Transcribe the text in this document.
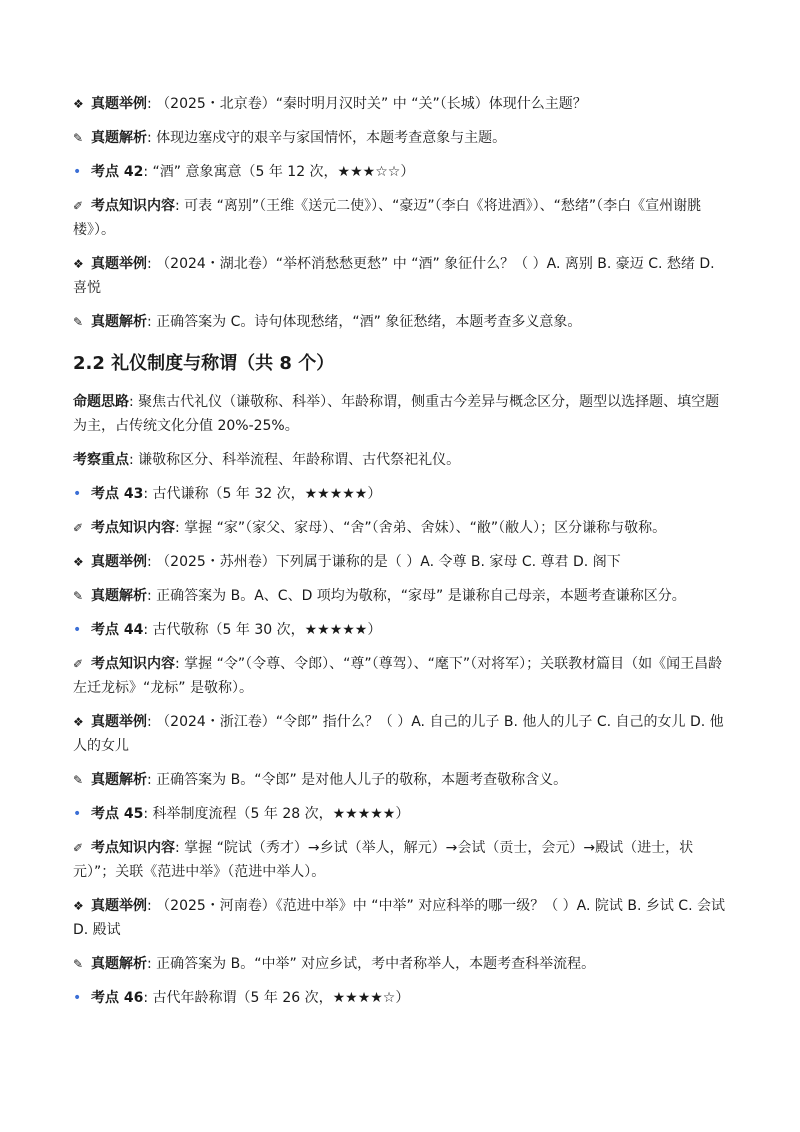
❖ 真题举例: （2025・北京卷）“秦时明月汉时关” 中 “关”（长城）体现什么主题？

✎ 真题解析: 体现边塞戍守的艰辛与家国情怀，本题考查意象与主题。

• 考点 42: “酒” 意象寓意（5 年 12 次，★★★☆☆）

✐ 考点知识内容: 可表 “离别”（王维《送元二使》）、“豪迈”（李白《将进酒》）、“愁绪”（李白《宣州谢朓楼》）。

❖ 真题举例: （2024・湖北卷）“举杯消愁愁更愁” 中 “酒” 象征什么？（ ）A. 离别 B. 豪迈 C. 愁绪 D. 喜悦

✎ 真题解析: 正确答案为 C。诗句体现愁绪，“酒” 象征愁绪，本题考查多义意象。

2.2 礼仪制度与称谓（共 8 个）

命题思路: 聚焦古代礼仪（谦敬称、科举）、年龄称谓，侧重古今差异与概念区分，题型以选择题、填空题为主，占传统文化分值 20%-25%。

考察重点: 谦敬称区分、科举流程、年龄称谓、古代祭祀礼仪。

• 考点 43: 古代谦称（5 年 32 次，★★★★★）

✐ 考点知识内容: 掌握 “家”（家父、家母）、“舍”（舍弟、舍妹）、“敝”（敝人）；区分谦称与敬称。

❖ 真题举例: （2025・苏州卷）下列属于谦称的是（ ）A. 令尊 B. 家母 C. 尊君 D. 阁下

✎ 真题解析: 正确答案为 B。A、C、D 项均为敬称，“家母” 是谦称自己母亲，本题考查谦称区分。

• 考点 44: 古代敬称（5 年 30 次，★★★★★）

✐ 考点知识内容: 掌握 “令”（令尊、令郎）、“尊”（尊驾）、“麾下”（对将军）；关联教材篇目（如《闻王昌龄左迁龙标》“龙标” 是敬称）。

❖ 真题举例: （2024・浙江卷）“令郎” 指什么？（ ）A. 自己的儿子 B. 他人的儿子 C. 自己的女儿 D. 他人的女儿

✎ 真题解析: 正确答案为 B。“令郎” 是对他人儿子的敬称，本题考查敬称含义。

• 考点 45: 科举制度流程（5 年 28 次，★★★★★）

✐ 考点知识内容: 掌握 “院试（秀才）→乡试（举人，解元）→会试（贡士，会元）→殿试（进士，状元）”；关联《范进中举》（范进中举人）。

❖ 真题举例: （2025・河南卷）《范进中举》中 “中举” 对应科举的哪一级？（ ）A. 院试 B. 乡试 C. 会试 D. 殿试

✎ 真题解析: 正确答案为 B。“中举” 对应乡试，考中者称举人，本题考查科举流程。

• 考点 46: 古代年龄称谓（5 年 26 次，★★★★☆）
